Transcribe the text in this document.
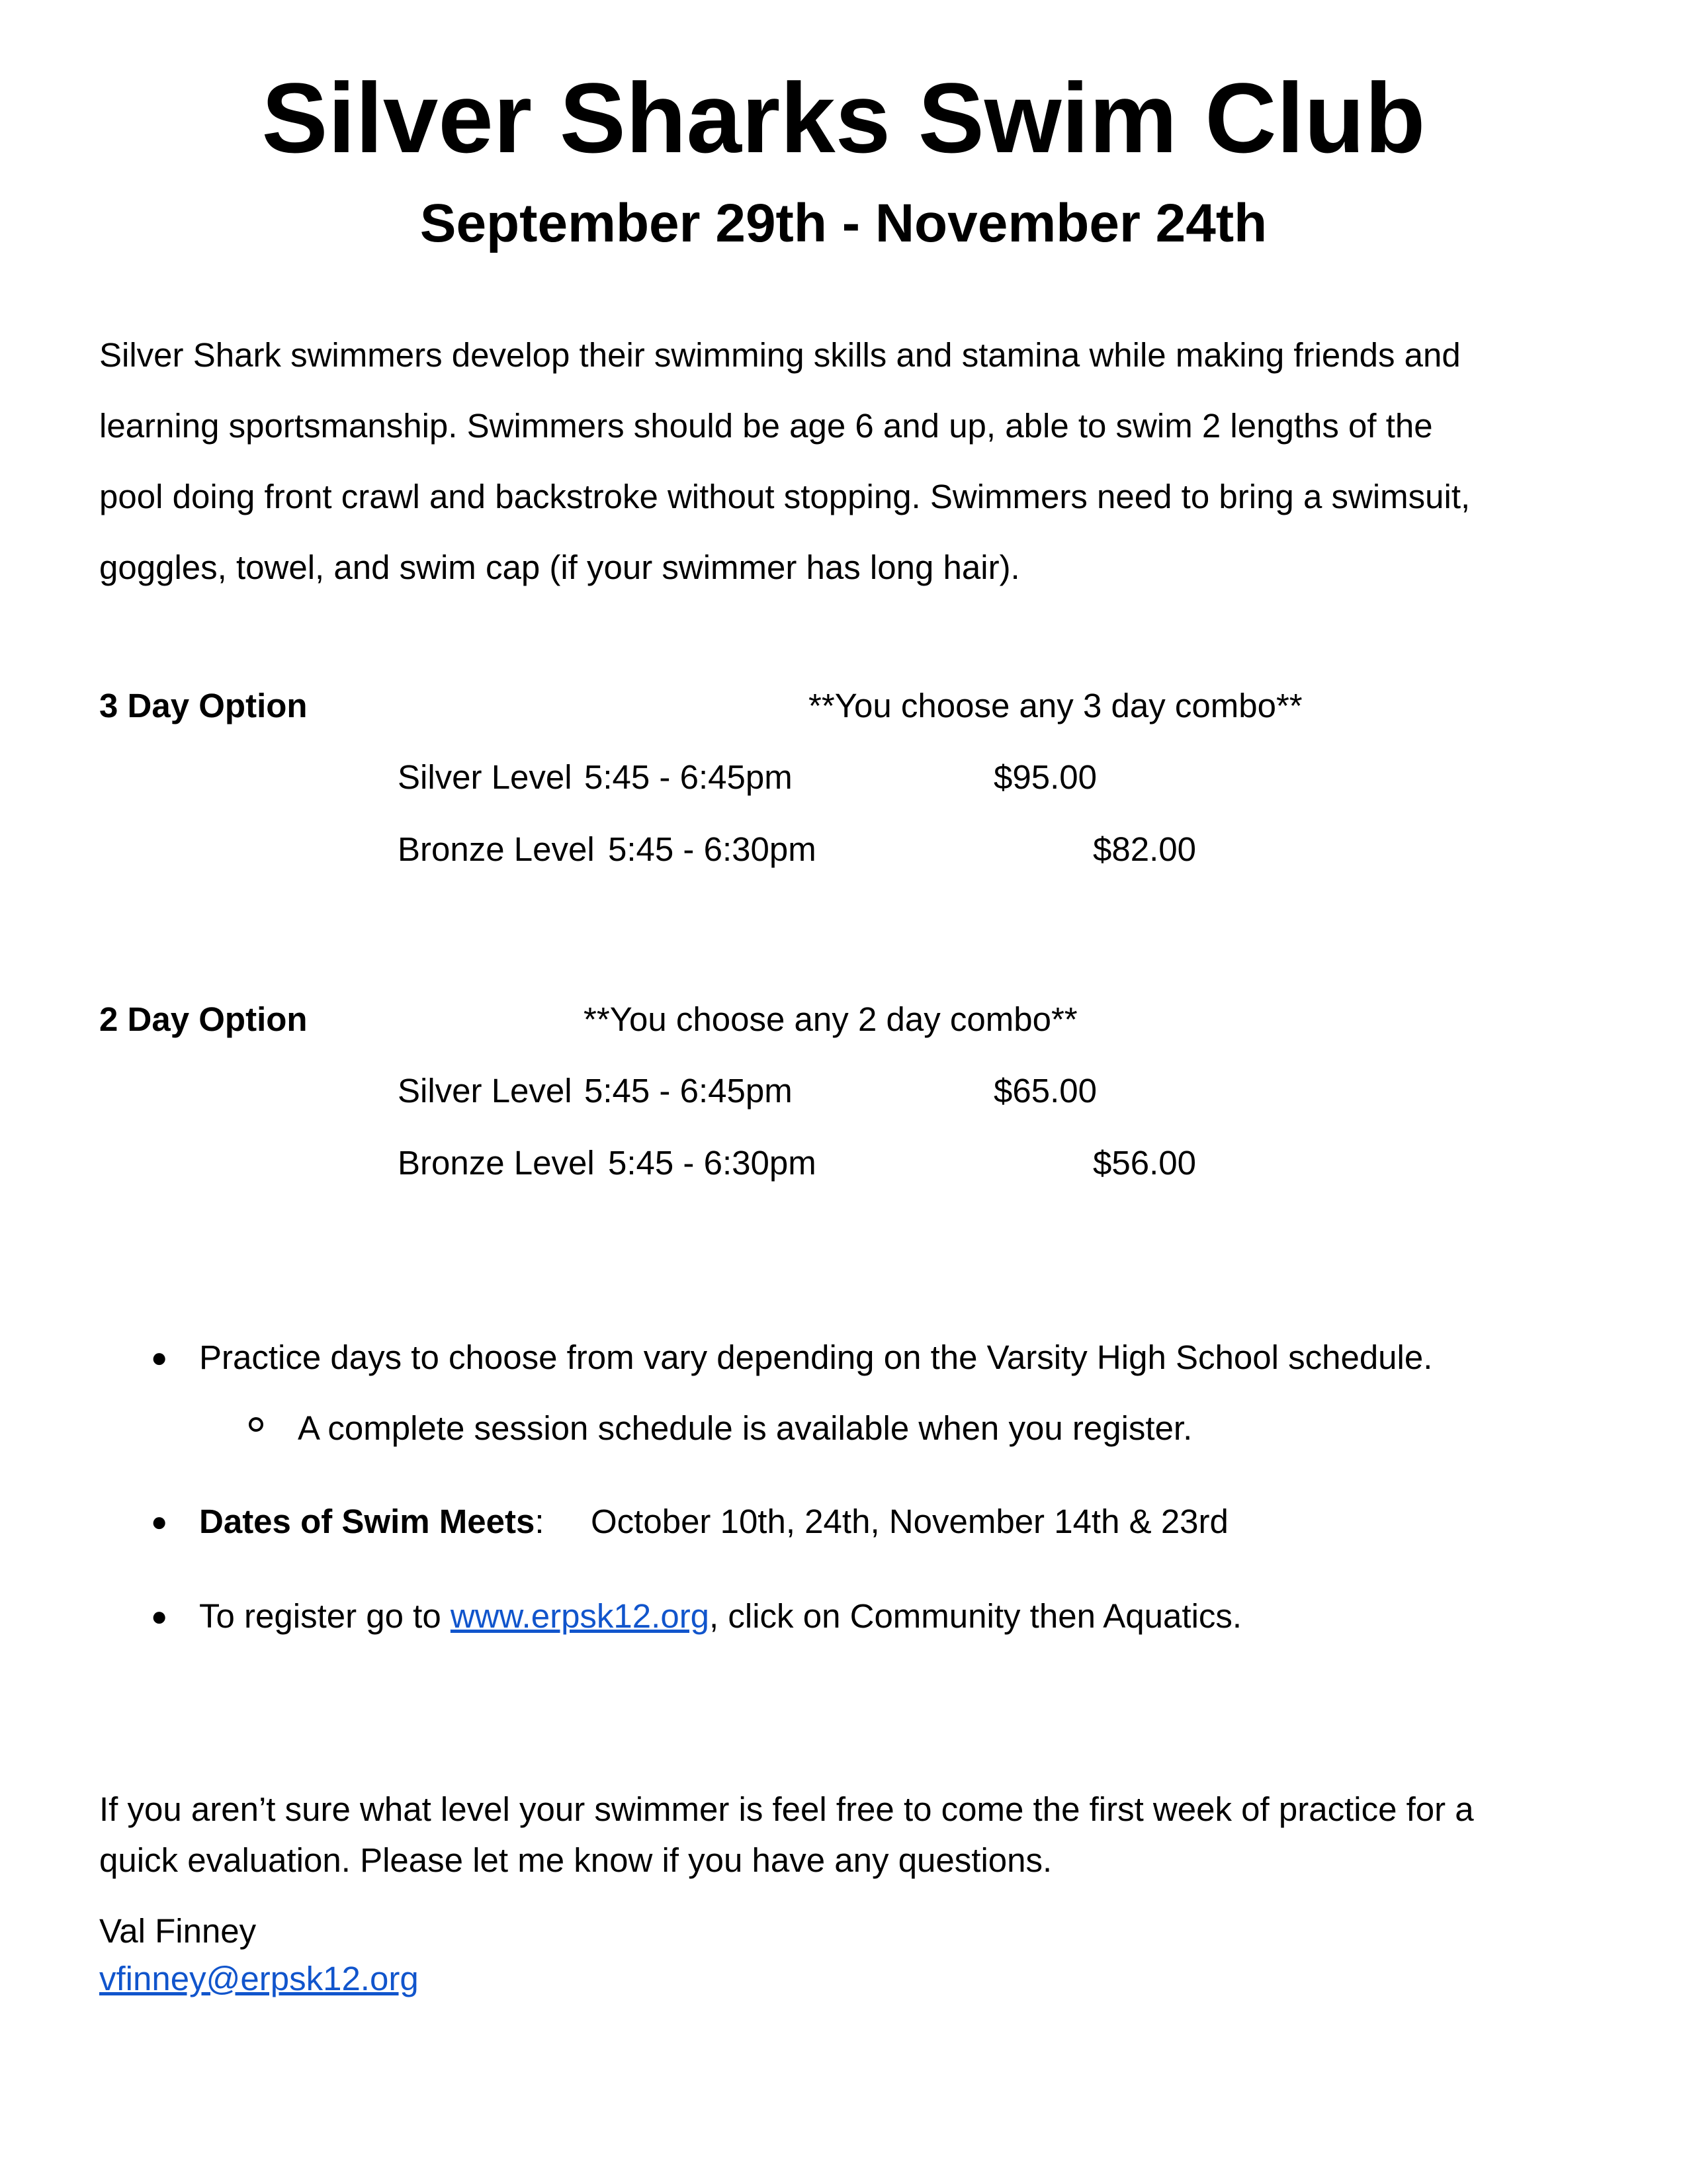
Silver Sharks Swim Club
September 29th - November 24th
Silver Shark swimmers develop their swimming skills and stamina while making friends and
learning sportsmanship. Swimmers should be age 6 and up, able to swim 2 lengths of the
pool doing front crawl and backstroke without stopping. Swimmers need to bring a swimsuit,
goggles, towel, and swim cap (if your swimmer has long hair).
3 Day Option	**You choose any 3 day combo**
Silver Level 5:45 - 6:45pm	$95.00
Bronze Level 5:45 - 6:30pm	$82.00
2 Day Option	**You choose any 2 day combo**
Silver Level 5:45 - 6:45pm	$65.00
Bronze Level 5:45 - 6:30pm	$56.00
● Practice days to choose from vary depending on the Varsity High School schedule.
A complete session schedule is available when you register.
● Dates of Swim Meets: October 10th, 24th, November 14th & 23rd
● To register go to www.erpsk12.org, click on Community then Aquatics.
If you aren’t sure what level your swimmer is feel free to come the first week of practice for a
quick evaluation. Please let me know if you have any questions.
Val Finney
vfinney@erpsk12.org
